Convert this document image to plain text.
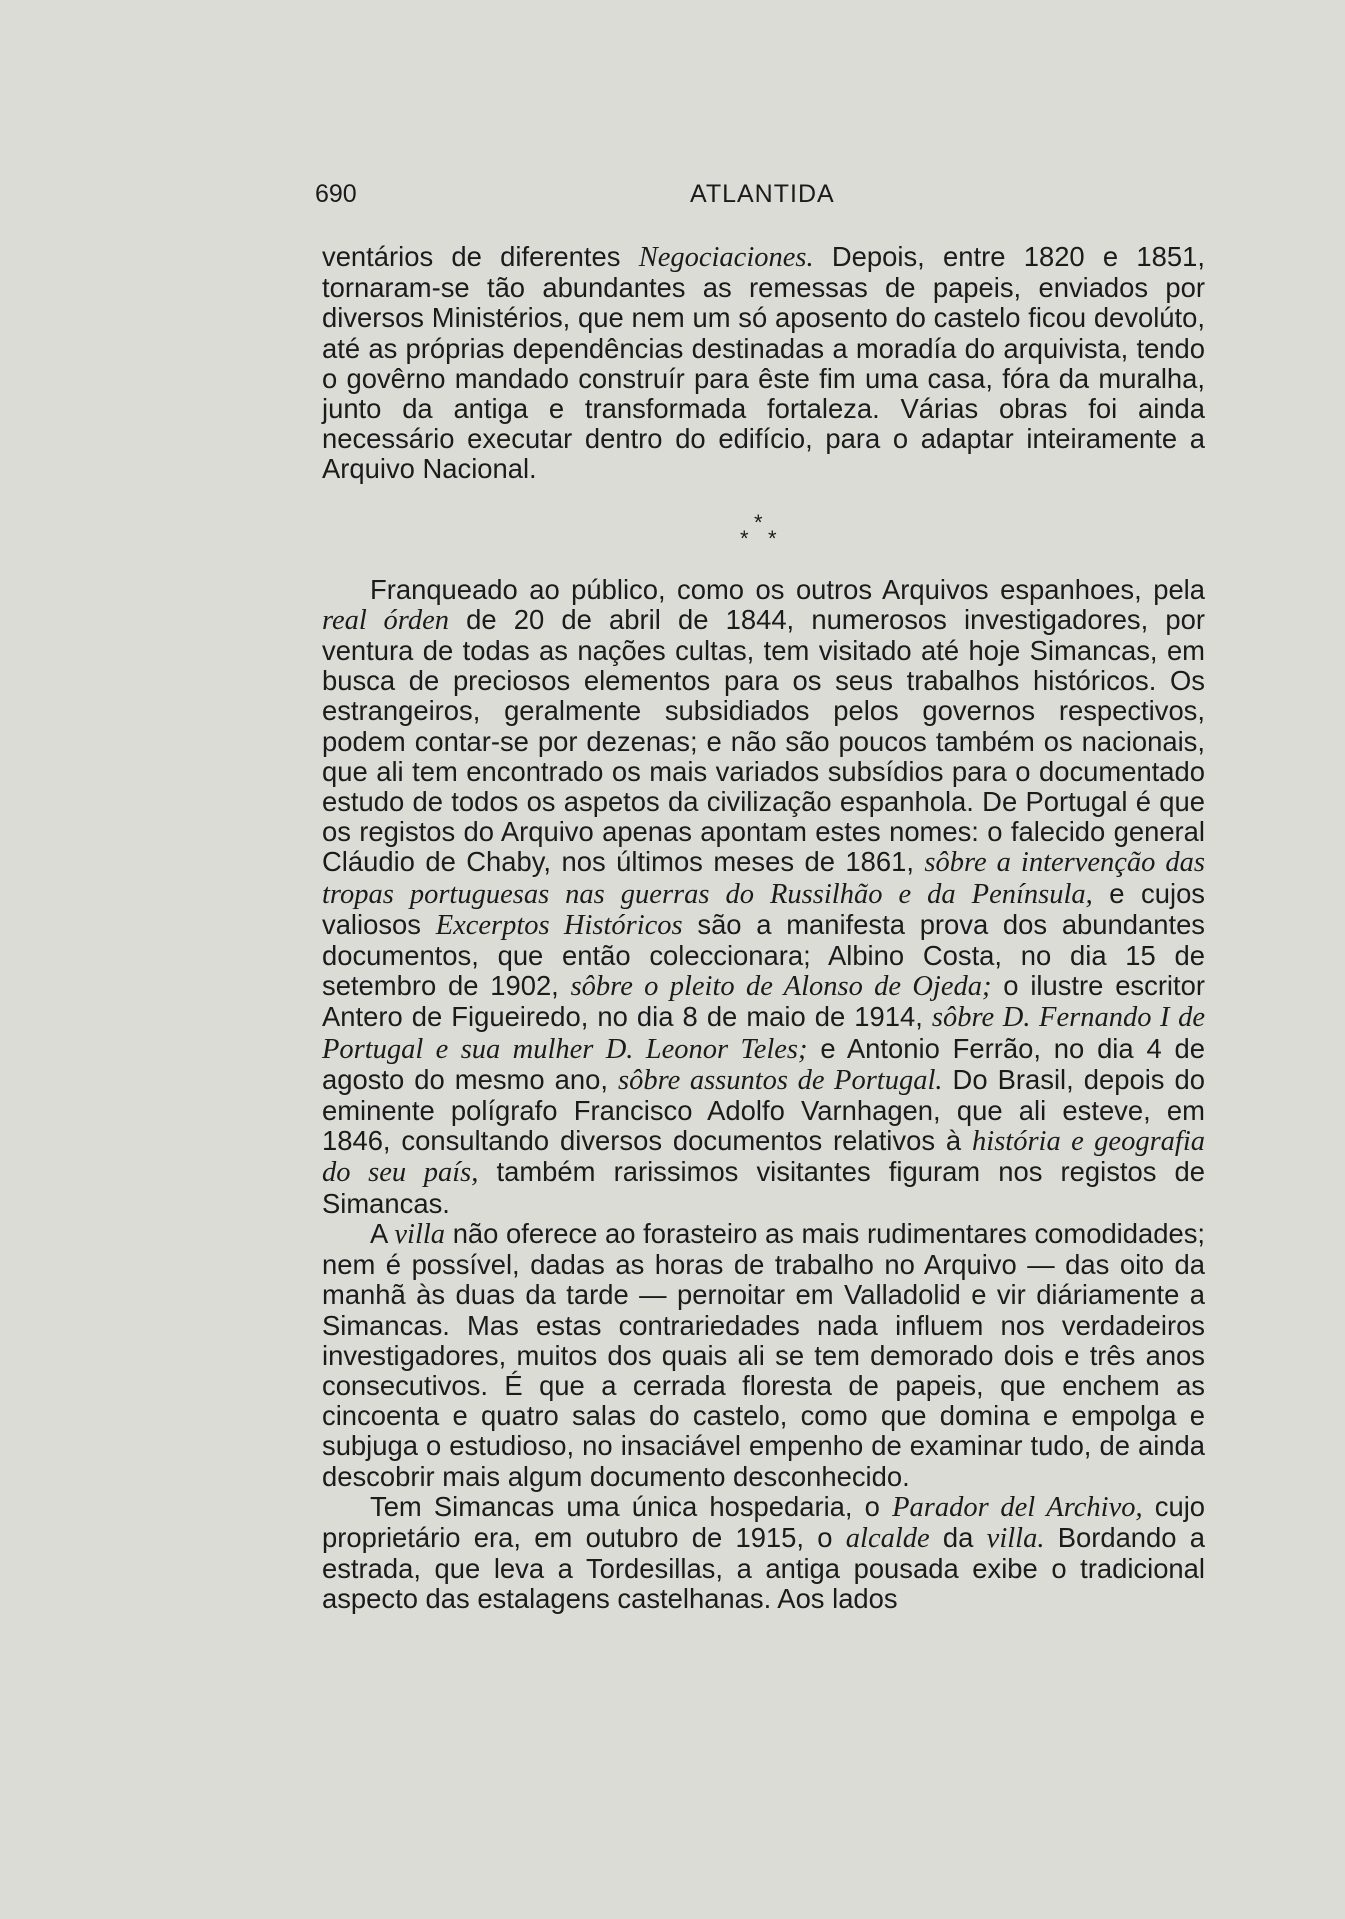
690	ATLANTIDA

ventários de diferentes Negociaciones. Depois, entre 1820 e 1851, tornaram-se tão abundantes as remessas de papeis, enviados por diversos Ministérios, que nem um só aposento do castelo ficou devolúto, até as próprias dependências destinadas a moradía do arquivista, tendo o govêrno mandado construír para êste fim uma casa, fóra da muralha, junto da antiga e transformada fortaleza. Várias obras foi ainda necessário executar dentro do edifício, para o adaptar inteiramente a Arquivo Nacional.

Franqueado ao público, como os outros Arquivos espanhoes, pela real órden de 20 de abril de 1844, numerosos investigadores, por ventura de todas as nações cultas, tem visitado até hoje Simancas, em busca de preciosos elementos para os seus trabalhos históricos. Os estrangeiros, geralmente subsidiados pelos governos respectivos, podem contar-se por dezenas; e não são poucos também os nacionais, que ali tem encontrado os mais variados subsídios para o documentado estudo de todos os aspetos da civilização espanhola. De Portugal é que os registos do Arquivo apenas apontam estes nomes: o falecido general Cláudio de Chaby, nos últimos meses de 1861, sôbre a intervenção das tropas portuguesas nas guerras do Russilhão e da Península, e cujos valiosos Excerptos Históricos são a manifesta prova dos abundantes documentos, que então coleccionara; Albino Costa, no dia 15 de setembro de 1902, sôbre o pleito de Alonso de Ojeda; o ilustre escritor Antero de Figueiredo, no dia 8 de maio de 1914, sôbre D. Fernando I de Portugal e sua mulher D. Leonor Teles; e Antonio Ferrão, no dia 4 de agosto do mesmo ano, sôbre assuntos de Portugal. Do Brasil, depois do eminente polígrafo Francisco Adolfo Varnhagen, que ali esteve, em 1846, consultando diversos documentos relativos à história e geografia do seu país, também rarissimos visitantes figuram nos registos de Simancas.

A villa não oferece ao forasteiro as mais rudimentares comodidades; nem é possível, dadas as horas de trabalho no Arquivo — das oito da manhã às duas da tarde — pernoitar em Valladolid e vir diáriamente a Simancas. Mas estas contrariedades nada influem nos verdadeiros investigadores, muitos dos quais ali se tem demorado dois e três anos consecutivos. É que a cerrada floresta de papeis, que enchem as cincoenta e quatro salas do castelo, como que domina e empolga e subjuga o estudioso, no insaciável empenho de examinar tudo, de ainda descobrir mais algum documento desconhecido.

Tem Simancas uma única hospedaria, o Parador del Archivo, cujo proprietário era, em outubro de 1915, o alcalde da villa. Bordando a estrada, que leva a Tordesillas, a antiga pousada exibe o tradicional aspecto das estalagens castelhanas. Aos lados

*
* *
